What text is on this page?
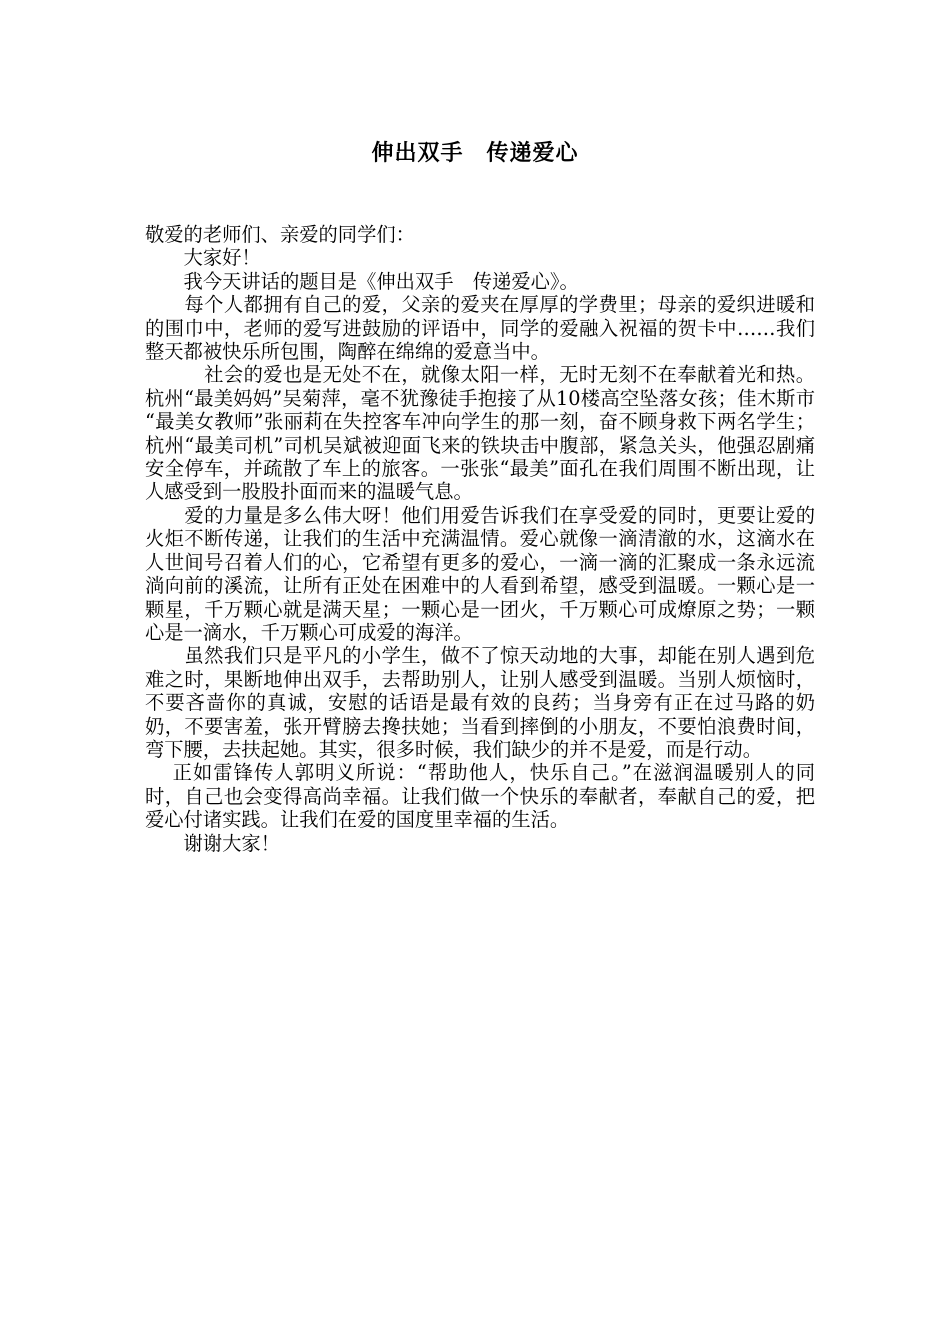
伸出双手　传递爱心

敬爱的老师们、亲爱的同学们：

　　大家好！

　　我今天讲话的题目是《伸出双手　传递爱心》。

　　每个人都拥有自己的爱，父亲的爱夹在厚厚的学费里；母亲的爱织进暖和的围巾中，老师的爱写进鼓励的评语中，同学的爱融入祝福的贺卡中……我们整天都被快乐所包围，陶醉在绵绵的爱意当中。

　　　社会的爱也是无处不在，就像太阳一样，无时无刻不在奉献着光和热。杭州“最美妈妈”吴菊萍，毫不犹豫徒手抱接了从10楼高空坠落女孩；佳木斯市 “最美女教师”张丽莉在失控客车冲向学生的那一刻，奋不顾身救下两名学生；杭州“最美司机”司机吴斌被迎面飞来的铁块击中腹部，紧急关头，他强忍剧痛安全停车，并疏散了车上的旅客。一张张“最美”面孔在我们周围不断出现，让人感受到一股股扑面而来的温暖气息。

　　爱的力量是多么伟大呀！他们用爱告诉我们在享受爱的同时，更要让爱的火炬不断传递，让我们的生活中充满温情。爱心就像一滴清澈的水，这滴水在人世间号召着人们的心，它希望有更多的爱心，一滴一滴的汇聚成一条永远流淌向前的溪流，让所有正处在困难中的人看到希望，感受到温暖。一颗心是一颗星，千万颗心就是满天星；一颗心是一团火，千万颗心可成燎原之势；一颗心是一滴水，千万颗心可成爱的海洋。

　　虽然我们只是平凡的小学生，做不了惊天动地的大事，却能在别人遇到危难之时，果断地伸出双手，去帮助别人，让别人感受到温暖。当别人烦恼时，不要吝啬你的真诚，安慰的话语是最有效的良药；当身旁有正在过马路的奶奶，不要害羞，张开臂膀去搀扶她；当看到摔倒的小朋友，不要怕浪费时间，弯下腰，去扶起她。其实，很多时候，我们缺少的并不是爱，而是行动。

　 正如雷锋传人郭明义所说：“帮助他人，快乐自己。”在滋润温暖别人的同时，自己也会变得高尚幸福。让我们做一个快乐的奉献者，奉献自己的爱，把爱心付诸实践。让我们在爱的国度里幸福的生活。

　　谢谢大家！
